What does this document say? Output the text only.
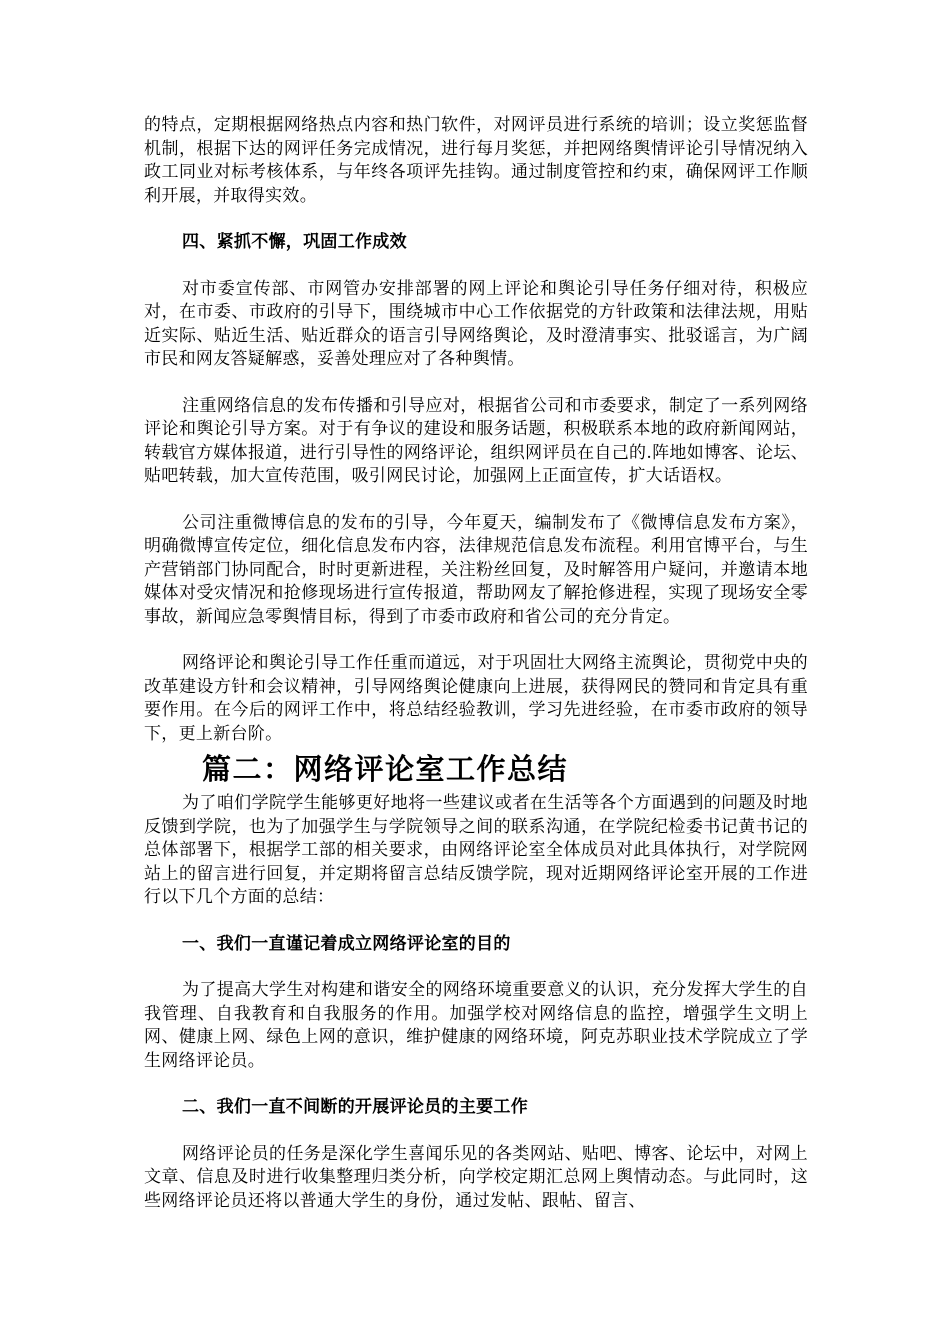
的特点，定期根据网络热点内容和热门软件，对网评员进行系统的培训；设立奖惩监督机制，根据下达的网评任务完成情况，进行每月奖惩，并把网络舆情评论引导情况纳入政工同业对标考核体系，与年终各项评先挂钩。通过制度管控和约束，确保网评工作顺利开展，并取得实效。

四、紧抓不懈，巩固工作成效

对市委宣传部、市网管办安排部署的网上评论和舆论引导任务仔细对待，积极应对，在市委、市政府的引导下，围绕城市中心工作依据党的方针政策和法律法规，用贴近实际、贴近生活、贴近群众的语言引导网络舆论，及时澄清事实、批驳谣言，为广阔市民和网友答疑解惑，妥善处理应对了各种舆情。

注重网络信息的发布传播和引导应对，根据省公司和市委要求，制定了一系列网络评论和舆论引导方案。对于有争议的建设和服务话题，积极联系本地的政府新闻网站，转载官方媒体报道，进行引导性的网络评论，组织网评员在自己的.阵地如博客、论坛、贴吧转载，加大宣传范围，吸引网民讨论，加强网上正面宣传，扩大话语权。

公司注重微博信息的发布的引导，今年夏天，编制发布了《微博信息发布方案》，明确微博宣传定位，细化信息发布内容，法律规范信息发布流程。利用官博平台，与生产营销部门协同配合，时时更新进程，关注粉丝回复，及时解答用户疑问，并邀请本地媒体对受灾情况和抢修现场进行宣传报道，帮助网友了解抢修进程，实现了现场安全零事故，新闻应急零舆情目标，得到了市委市政府和省公司的充分肯定。

网络评论和舆论引导工作任重而道远，对于巩固壮大网络主流舆论，贯彻党中央的改革建设方针和会议精神，引导网络舆论健康向上进展，获得网民的赞同和肯定具有重要作用。在今后的网评工作中，将总结经验教训，学习先进经验，在市委市政府的领导下，更上新台阶。

篇二：网络评论室工作总结

为了咱们学院学生能够更好地将一些建议或者在生活等各个方面遇到的问题及时地反馈到学院，也为了加强学生与学院领导之间的联系沟通，在学院纪检委书记黄书记的总体部署下，根据学工部的相关要求，由网络评论室全体成员对此具体执行，对学院网站上的留言进行回复，并定期将留言总结反馈学院，现对近期网络评论室开展的工作进行以下几个方面的总结：

一、我们一直谨记着成立网络评论室的目的

为了提高大学生对构建和谐安全的网络环境重要意义的认识，充分发挥大学生的自我管理、自我教育和自我服务的作用。加强学校对网络信息的监控，增强学生文明上网、健康上网、绿色上网的意识，维护健康的网络环境，阿克苏职业技术学院成立了学生网络评论员。

二、我们一直不间断的开展评论员的主要工作

网络评论员的任务是深化学生喜闻乐见的各类网站、贴吧、博客、论坛中，对网上文章、信息及时进行收集整理归类分析，向学校定期汇总网上舆情动态。与此同时，这些网络评论员还将以普通大学生的身份，通过发帖、跟帖、留言、
